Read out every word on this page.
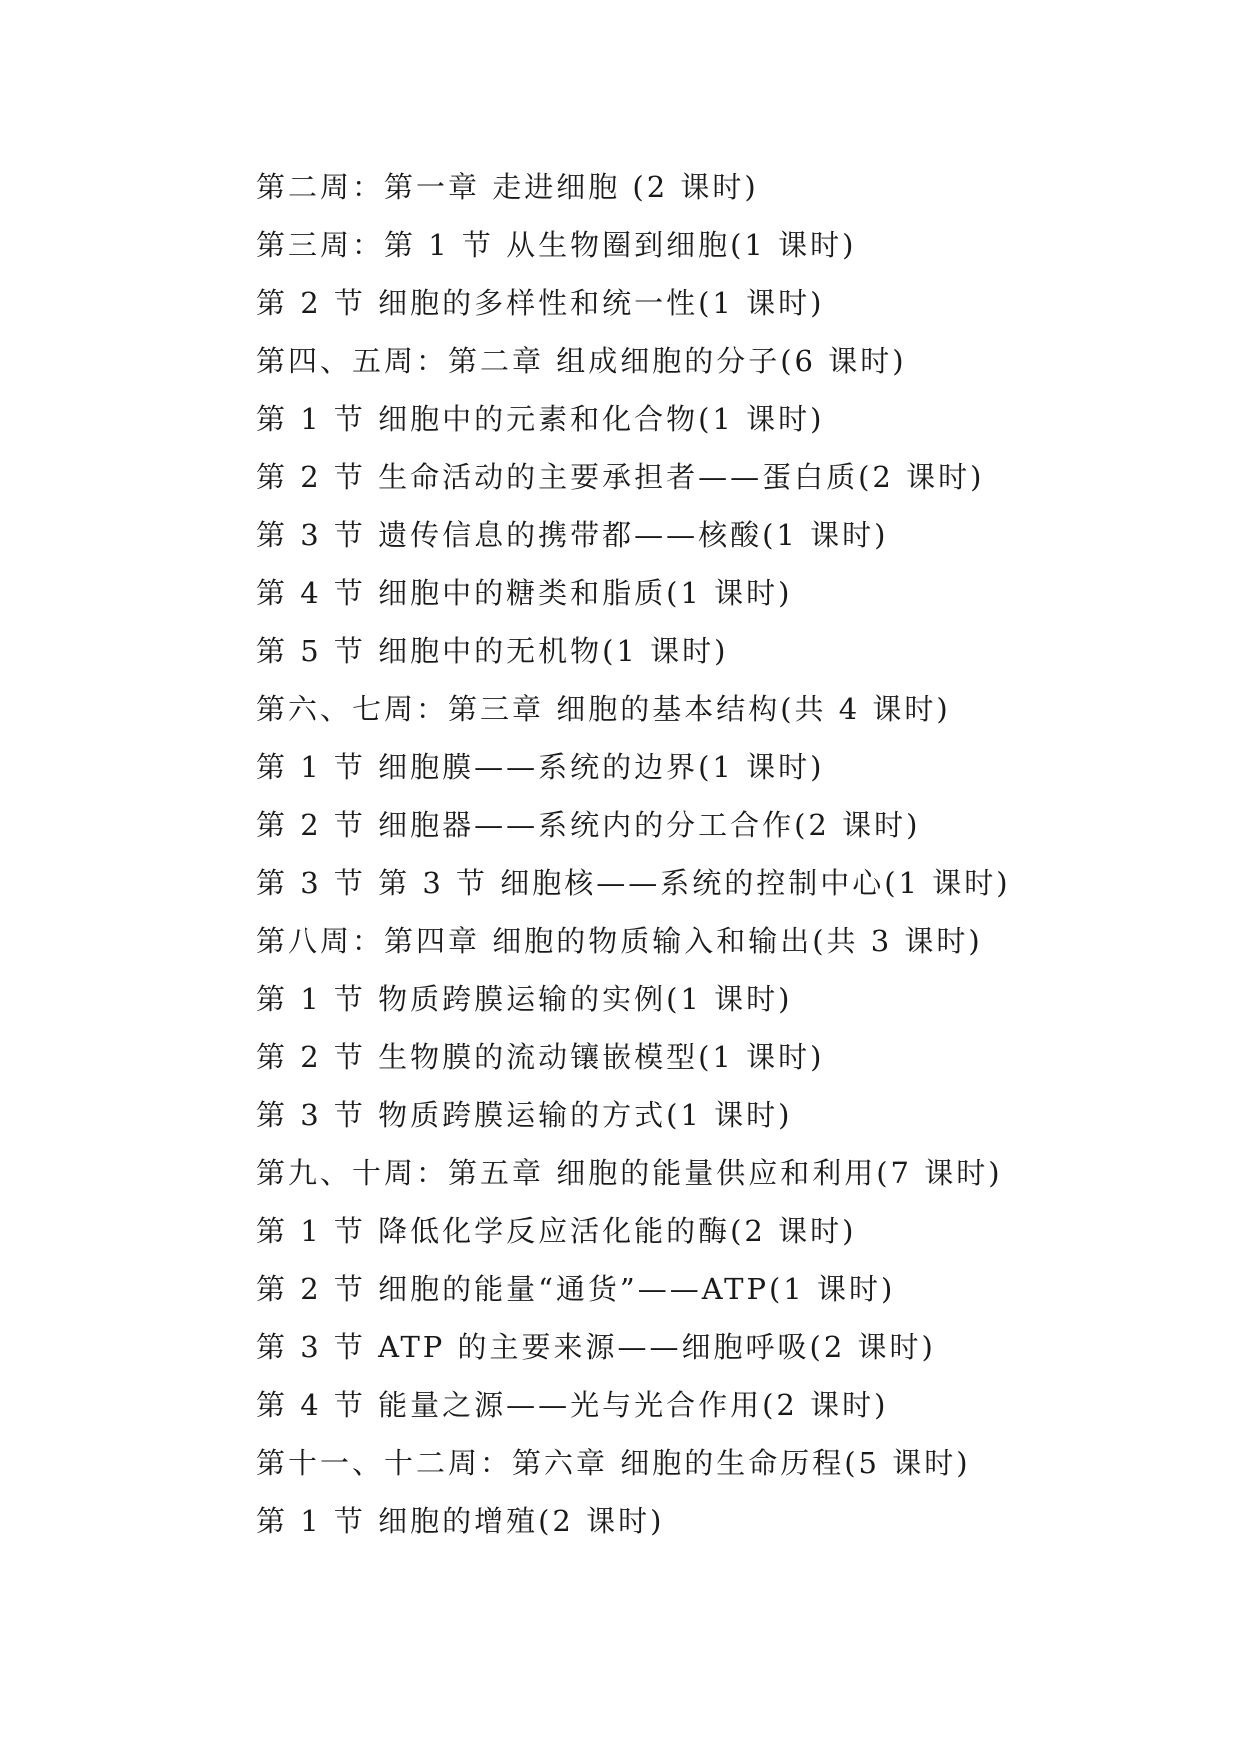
第二周：第一章 走进细胞 (2 课时)
第三周：第 1 节 从生物圈到细胞(1 课时)
第 2 节 细胞的多样性和统一性(1 课时)
第四、五周：第二章 组成细胞的分子(6 课时)
第 1 节 细胞中的元素和化合物(1 课时)
第 2 节 生命活动的主要承担者——蛋白质(2 课时)
第 3 节 遗传信息的携带都——核酸(1 课时)
第 4 节 细胞中的糖类和脂质(1 课时)
第 5 节 细胞中的无机物(1 课时)
第六、七周：第三章 细胞的基本结构(共 4 课时)
第 1 节 细胞膜——系统的边界(1 课时)
第 2 节 细胞器——系统内的分工合作(2 课时)
第 3 节 第 3 节 细胞核——系统的控制中心(1 课时)
第八周：第四章 细胞的物质输入和输出(共 3 课时)
第 1 节 物质跨膜运输的实例(1 课时)
第 2 节 生物膜的流动镶嵌模型(1 课时)
第 3 节 物质跨膜运输的方式(1 课时)
第九、十周：第五章 细胞的能量供应和利用(7 课时)
第 1 节 降低化学反应活化能的酶(2 课时)
第 2 节 细胞的能量“通货”——ATP(1 课时)
第 3 节 ATP 的主要来源——细胞呼吸(2 课时)
第 4 节 能量之源——光与光合作用(2 课时)
第十一、十二周：第六章 细胞的生命历程(5 课时)
第 1 节 细胞的增殖(2 课时)
